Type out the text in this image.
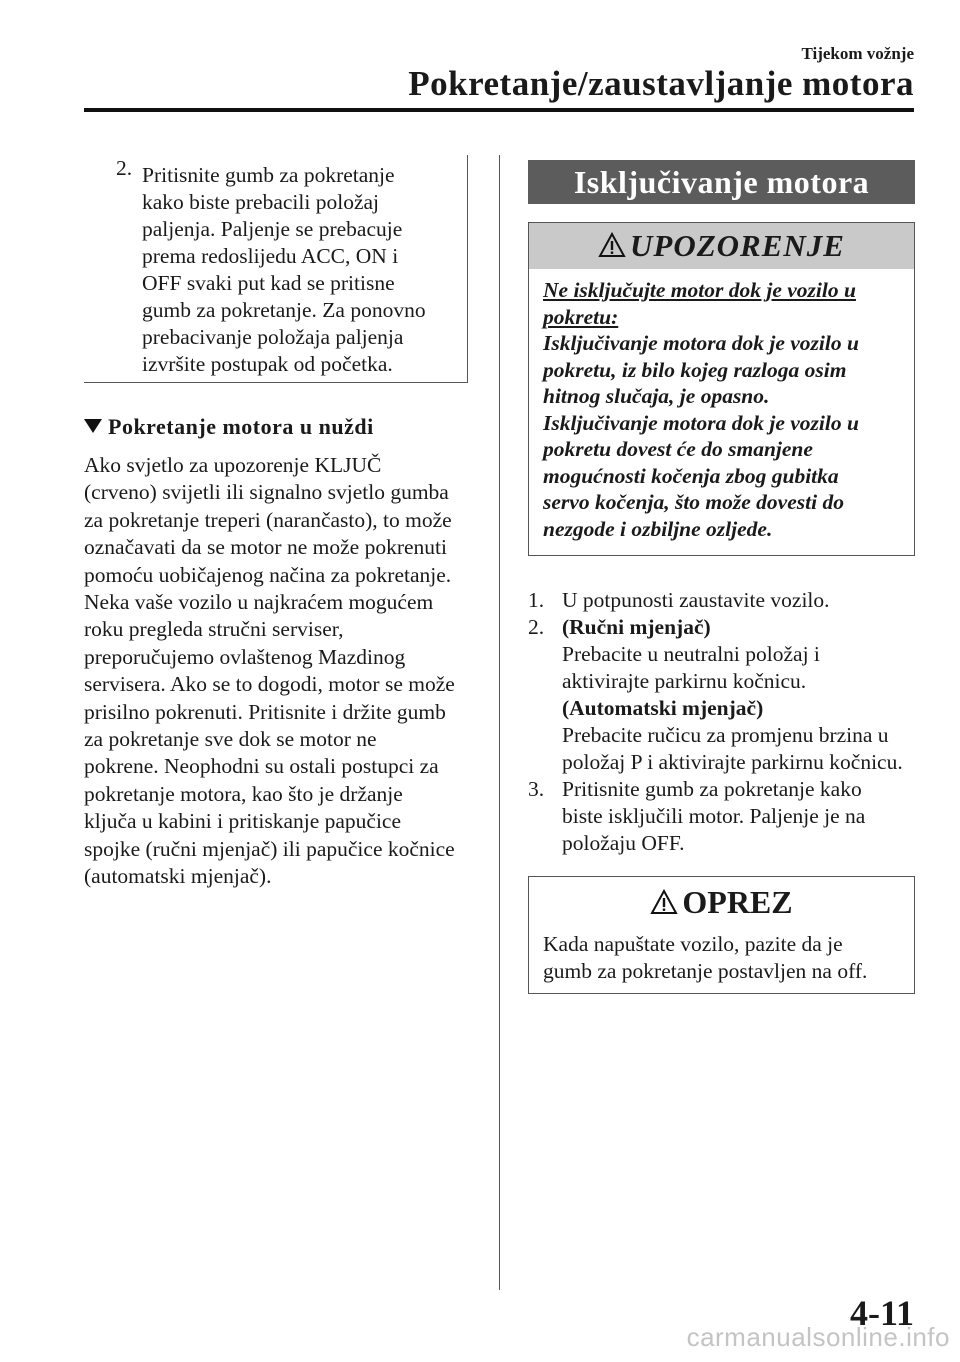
Tijekom vožnje
Pokretanje/zaustavljanje motora
2. Pritisnite gumb za pokretanje

kako biste prebacili položaj

paljenja. Paljenje se prebacuje

prema redoslijedu ACC, ON i

OFF svaki put kad se pritisne

gumb za pokretanje. Za ponovno

prebacivanje položaja paljenja

izvršite postupak od početka.

Pokretanje motora u nuždi

Ako svjetlo za upozorenje KLJUČ

(crveno) svijetli ili signalno svjetlo gumba

za pokretanje treperi (narančasto), to može

označavati da se motor ne može pokrenuti

pomoću uobičajenog načina za pokretanje.

Neka vaše vozilo u najkraćem mogućem

roku pregleda stručni serviser,

preporučujemo ovlaštenog Mazdinog

servisera. Ako se to dogodi, motor se može

prisilno pokrenuti. Pritisnite i držite gumb

za pokretanje sve dok se motor ne

pokrene. Neophodni su ostali postupci za

pokretanje motora, kao što je držanje

ključa u kabini i pritiskanje papučice

spojke (ručni mjenjač) ili papučice kočnice

(automatski mjenjač).

Isključivanje motora
UPOZORENJE

Ne isključujte motor dok je vozilo u

pokretu:

Isključivanje motora dok je vozilo u

pokretu, iz bilo kojeg razloga osim

hitnog slučaja, je opasno.

Isključivanje motora dok je vozilo u

pokretu dovest će do smanjene

mogućnosti kočenja zbog gubitka

servo kočenja, što može dovesti do

nezgode i ozbiljne ozljede.

1. U potpunosti zaustavite vozilo.

2. (Ručni mjenjač)

Prebacite u neutralni položaj i

aktivirajte parkirnu kočnicu.

(Automatski mjenjač)

Prebacite ručicu za promjenu brzina u

položaj P i aktivirajte parkirnu kočnicu.

3. Pritisnite gumb za pokretanje kako

biste isključili motor. Paljenje je na

položaju OFF.

OPREZ

Kada napuštate vozilo, pazite da je

gumb za pokretanje postavljen na off.

4-11
carmanualsonline.info
